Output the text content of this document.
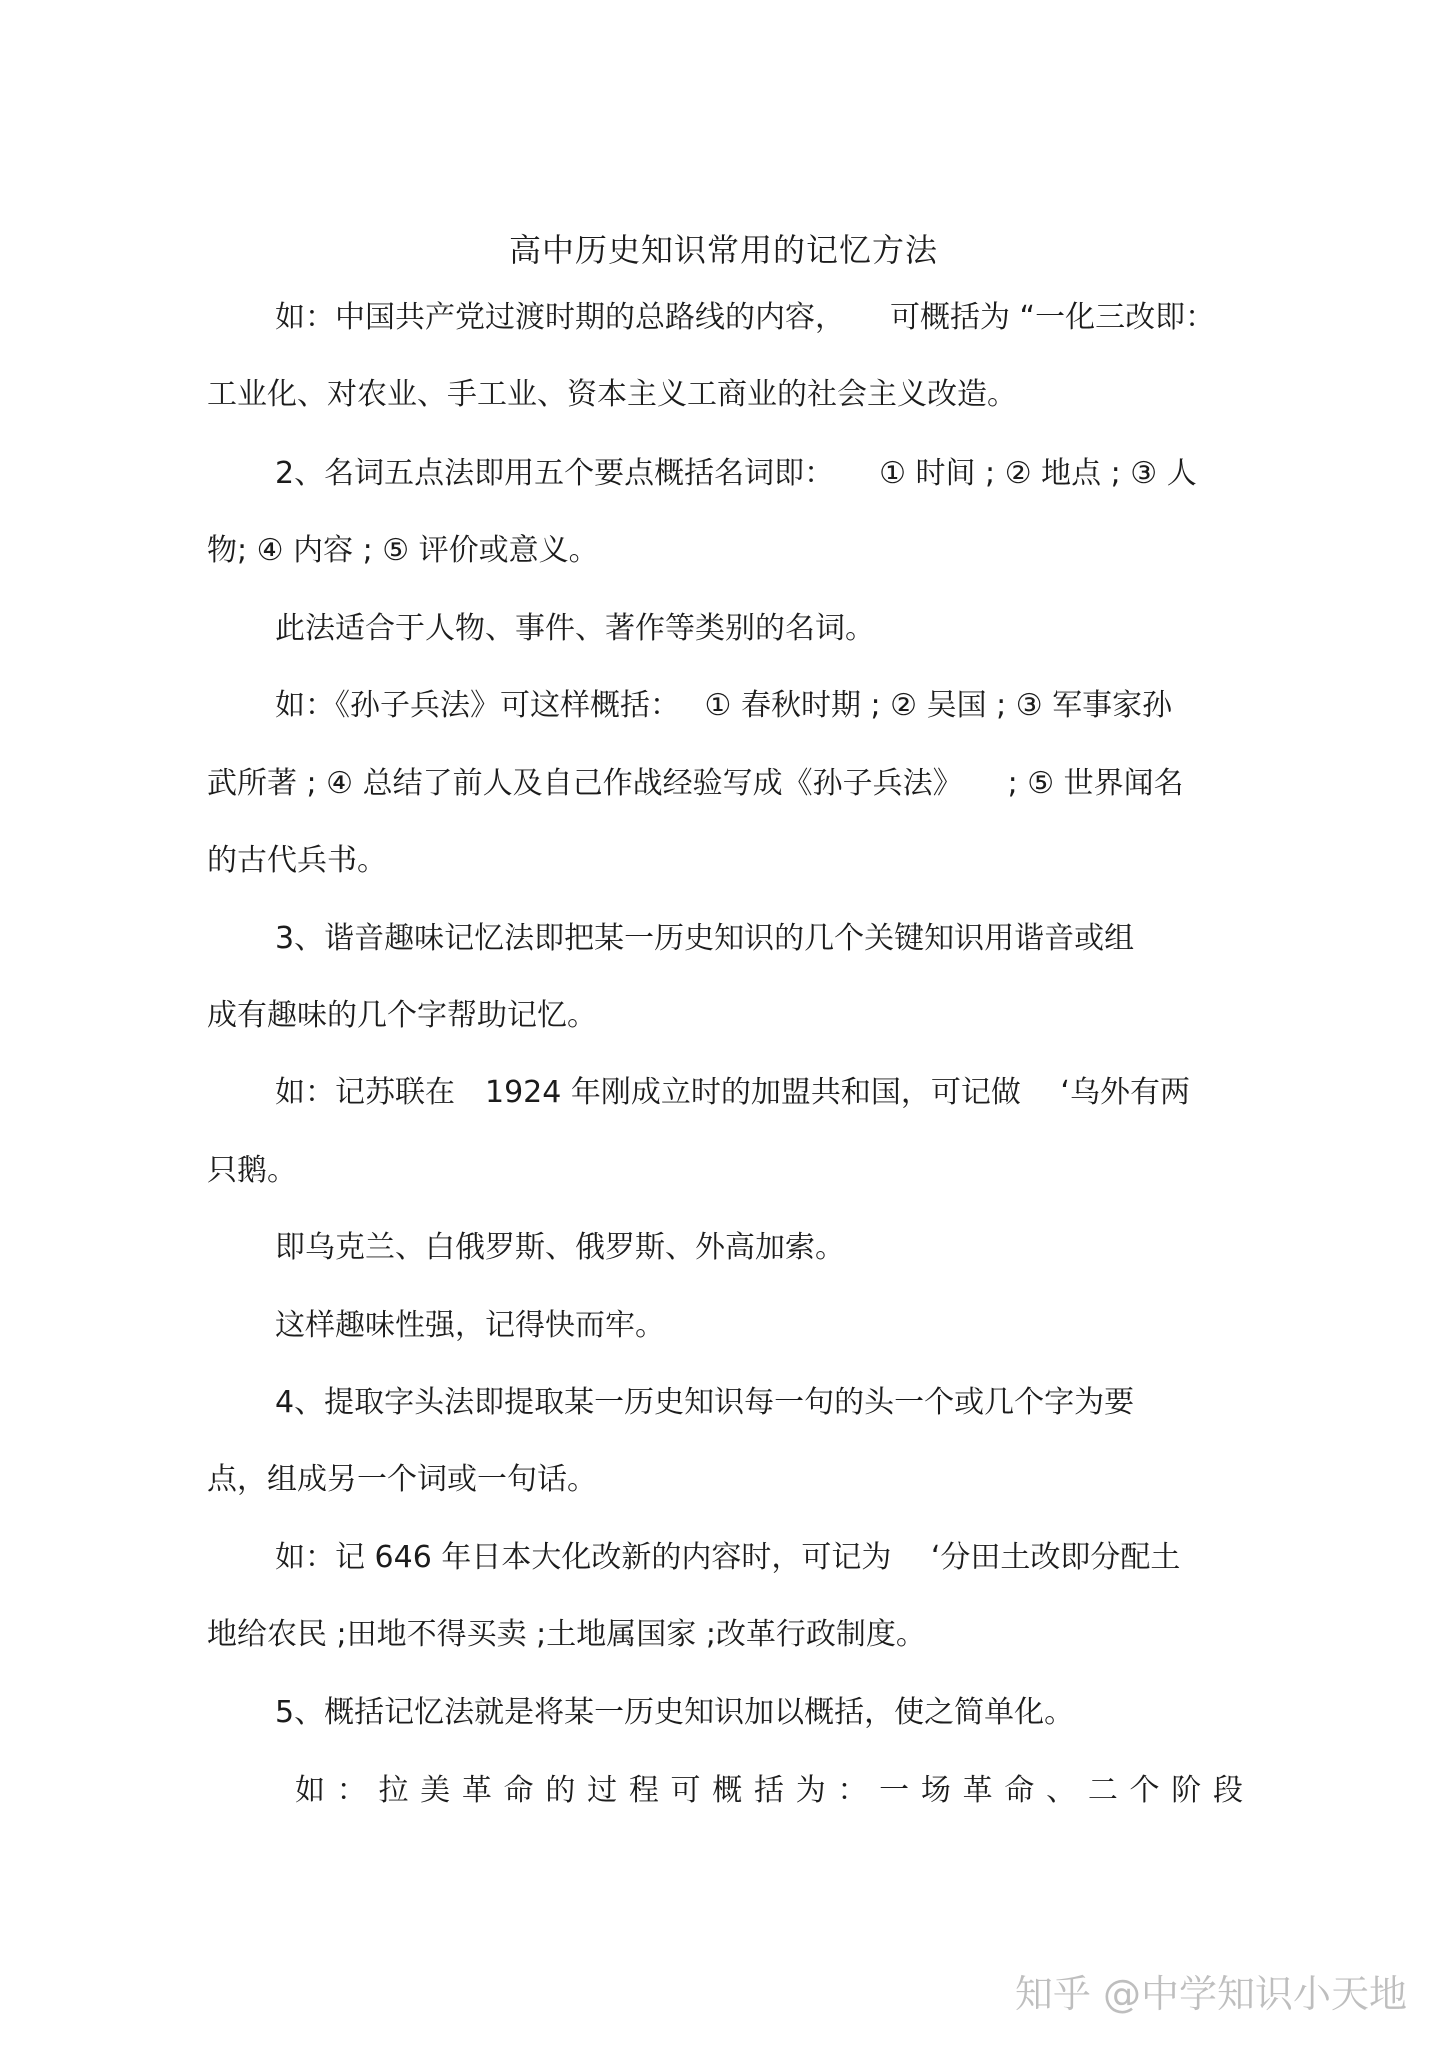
高中历史知识常用的记忆方法
如：中国共产党过渡时期的总路线的内容，　　可概括为 “一化三改即：
工业化、对农业、手工业、资本主义工商业的社会主义改造。
2、名词五点法即用五个要点概括名词即：　　① 时间 ; ② 地点 ; ③ 人
物; ④ 内容 ; ⑤ 评价或意义。
此法适合于人物、事件、著作等类别的名词。
如：《孙子兵法》可这样概括：　 ① 春秋时期 ; ② 吴国 ; ③ 军事家孙
武所著 ; ④ 总结了前人及自己作战经验写成《孙子兵法》　　; ⑤ 世界闻名
的古代兵书。
3、谐音趣味记忆法即把某一历史知识的几个关键知识用谐音或组
成有趣味的几个字帮助记忆。
如：记苏联在　1924 年刚成立时的加盟共和国，可记做　 ‘乌外有两
只鹅。
即乌克兰、白俄罗斯、俄罗斯、外高加索。
这样趣味性强，记得快而牢。
4、提取字头法即提取某一历史知识每一句的头一个或几个字为要
点，组成另一个词或一句话。
如：记 646 年日本大化改新的内容时，可记为　 ‘分田土改即分配土
地给农民 ;田地不得买卖 ;土地属国家 ;改革行政制度。
5、概括记忆法就是将某一历史知识加以概括，使之简单化。
如：拉美革命的过程可概括为：一场革命、二个阶段
知乎 @中学知识小天地
